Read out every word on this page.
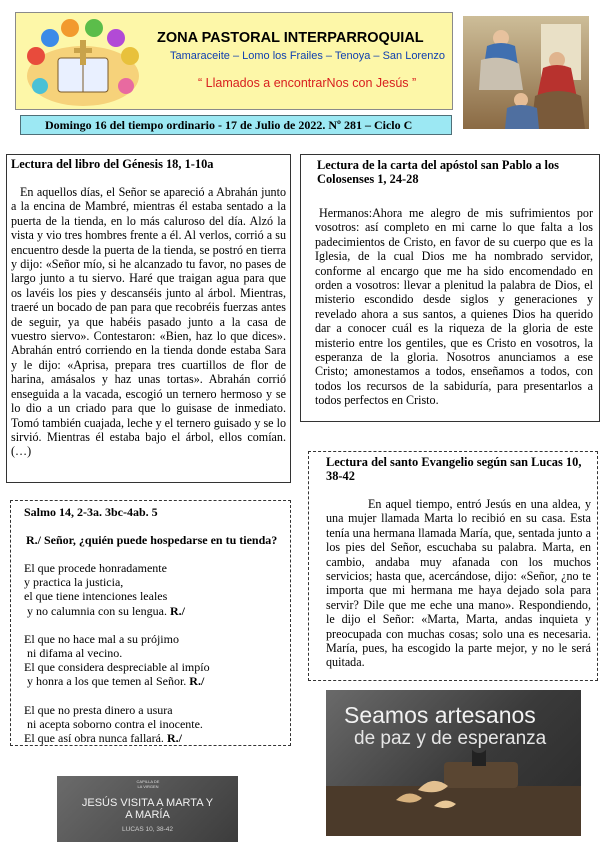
ZONA PASTORAL INTERPARROQUIAL
Tamaraceite – Lomo los Frailes – Tenoya – San Lorenzo
“ Llamados a encontrarNos con Jesús ”
Domingo 16 del tiempo ordinario - 17 de Julio de 2022. Nº 281 – Ciclo C

Lectura del libro del Génesis 18, 1-10a

En aquellos días, el Señor se apareció a Abrahán junto a la encina de Mambré, mientras él estaba sentado a la puerta de la tienda, en lo más caluroso del día. Alzó la vista y vio tres hombres frente a él. Al verlos, corrió a su encuentro desde la puerta de la tienda, se postró en tierra y dijo: «Señor mío, si he alcanzado tu favor, no pases de largo junto a tu siervo. Haré que traigan agua para que os lavéis los pies y descanséis junto al árbol. Mientras, traeré un bocado de pan para que recobréis fuerzas antes de seguir, ya que habéis pasado junto a la casa de vuestro siervo». Contestaron: «Bien, haz lo que dices». Abrahán entró corriendo en la tienda donde estaba Sara y le dijo: «Aprisa, prepara tres cuartillos de flor de harina, amásalos y haz unas tortas». Abrahán corrió enseguida a la vacada, escogió un ternero hermoso y se lo dio a un criado para que lo guisase de inmediato. Tomó también cuajada, leche y el ternero guisado y se lo sirvió. Mientras él estaba bajo el árbol, ellos comían. (…)

Lectura de la carta del apóstol san Pablo a los Colosenses 1, 24-28

Hermanos:Ahora me alegro de mis sufrimientos por vosotros: así completo en mi carne lo que falta a los padecimientos de Cristo, en favor de su cuerpo que es la Iglesia, de la cual Dios me ha nombrado servidor, conforme al encargo que me ha sido encomendado en orden a vosotros: llevar a plenitud la palabra de Dios, el misterio escondido desde siglos y generaciones y revelado ahora a sus santos, a quienes Dios ha querido dar a conocer cuál es la riqueza de la gloria de este misterio entre los gentiles, que es Cristo en vosotros, la esperanza de la gloria. Nosotros anunciamos a ese Cristo; amonestamos a todos, enseñamos a todos, con todos los recursos de la sabiduría, para presentarlos a todos perfectos en Cristo.

Salmo 14, 2-3a. 3bc-4ab. 5

R./ Señor, ¿quién puede hospedarse en tu tienda?

El que procede honradamente
y practica la justicia,
el que tiene intenciones leales
y no calumnia con su lengua. R./
El que no hace mal a su prójimo
ni difama al vecino.
El que considera despreciable al impío
y honra a los que temen al Señor. R./
El que no presta dinero a usura
ni acepta soborno contra el inocente.
El que así obra nunca fallará. R./

Lectura del santo Evangelio según san Lucas 10, 38-42

En aquel tiempo, entró Jesús en una aldea, y una mujer llamada Marta lo recibió en su casa. Esta tenía una hermana llamada María, que, sentada junto a los pies del Señor, escuchaba su palabra. Marta, en cambio, andaba muy afanada con los muchos servicios; hasta que, acercándose, dijo: «Señor, ¿no te importa que mi hermana me haya dejado sola para servir? Dile que me eche una mano». Respondiendo, le dijo el Señor: «Marta, Marta, andas inquieta y preocupada con muchas cosas; solo una es necesaria. María, pues, ha escogido la parte mejor, y no le será quitada.

Seamos artesanos
de paz y de esperanza
CAPILLA DE LA VIRGEN
JESÚS VISITA A MARTA Y
A MARÍA
LUCAS 10, 38-42
